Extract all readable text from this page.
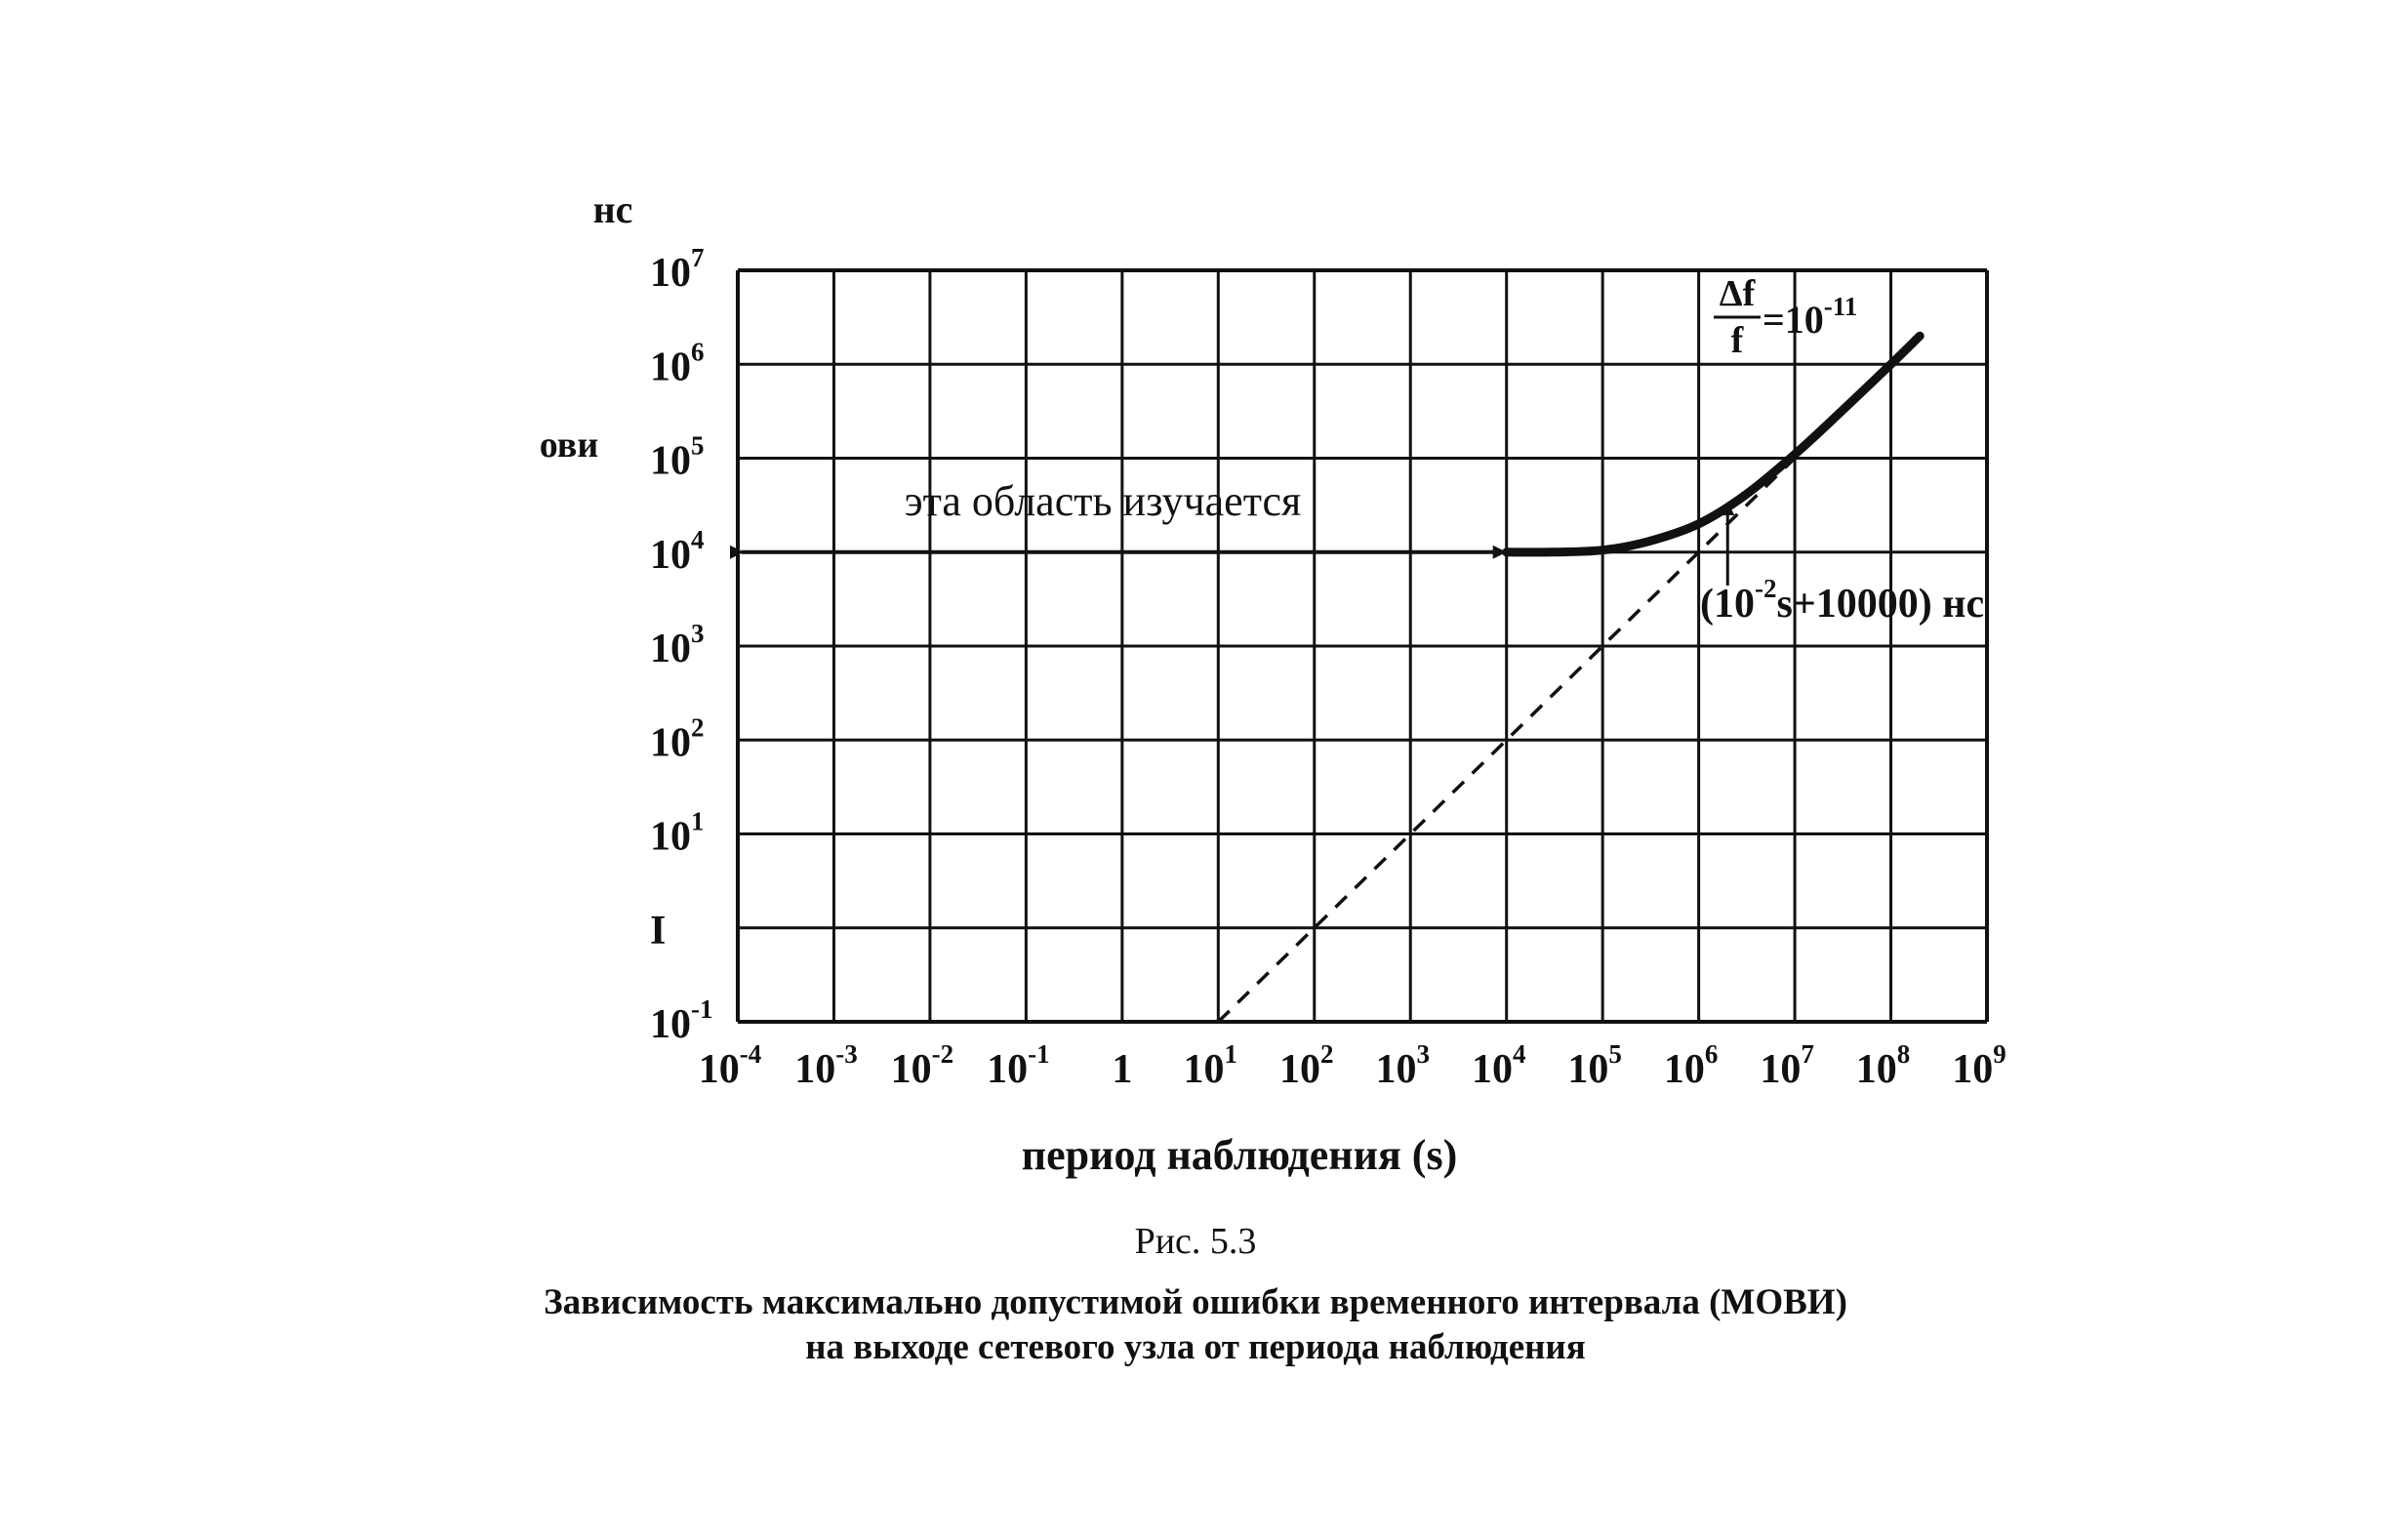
$10^{-4}$ $10^{-3}$ $10^{-2}$ $10^{-1}$ 1 $10^1$ $10^2$ $10^3$ $10^4$ $10^5$ $10^6$ $10^7$ $10^8$ $10^9$
$10^{-1}$
I
$10^1$
$10^2$
$10^3$
$10^4$
$10^5$
$10^6$
$10^7$
эта область изучается
Δf
$f =10^{-11}$
$(10^{-2}s+10000)$ нс
нс
ови
период наблюдения (s)
Рис. 5.3
Зависимость максимально допустимой ошибки временного интервала (МОВИ)
на выходе сетевого узла от периода наблюдения
